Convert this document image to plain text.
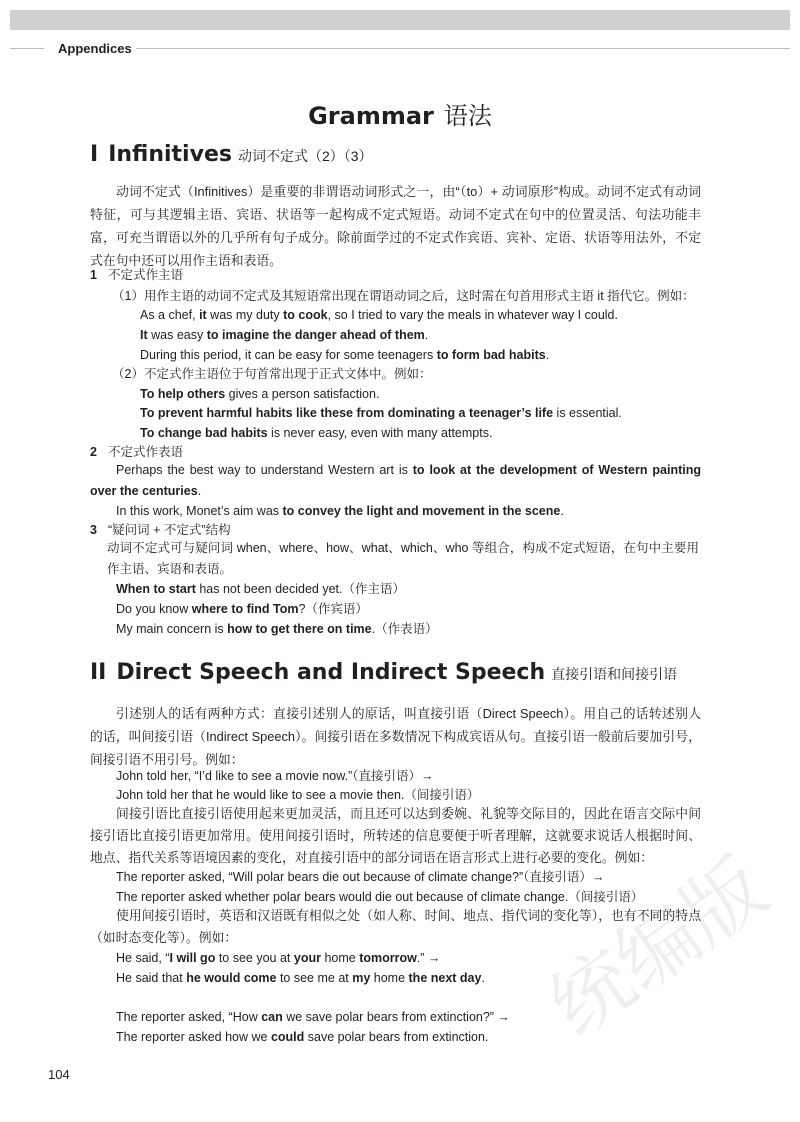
Appendices
Grammar 语法
I Infinitives 动词不定式（2）（3）

动词不定式（Infinitives）是重要的非谓语动词形式之一，由“（to）+ 动词原形”构成。动词不定式有动词特征，可与其逻辑主语、宾语、状语等一起构成不定式短语。动词不定式在句中的位置灵活、句法功能丰富，可充当谓语以外的几乎所有句子成分。除前面学过的不定式作宾语、宾补、定语、状语等用法外，不定式在句中还可以用作主语和表语。

1 不定式作主语
（1）用作主语的动词不定式及其短语常出现在谓语动词之后，这时需在句首用形式主语 it 指代它。例如：
As a chef, it was my duty to cook, so I tried to vary the meals in whatever way I could.
It was easy to imagine the danger ahead of them.
During this period, it can be easy for some teenagers to form bad habits.
（2）不定式作主语位于句首常出现于正式文体中。例如：
To help others gives a person satisfaction.
To prevent harmful habits like these from dominating a teenager’s life is essential.
To change bad habits is never easy, even with many attempts.
2 不定式作表语
Perhaps the best way to understand Western art is to look at the development of Western painting over the centuries.
In this work, Monet’s aim was to convey the light and movement in the scene.
3 “疑问词 + 不定式”结构

动词不定式可与疑问词 when、where、how、what、which、who 等组合，构成不定式短语，在句中主要用作主语、宾语和表语。

When to start has not been decided yet.（作主语）
Do you know where to find Tom?（作宾语）
My main concern is how to get there on time.（作表语）
II Direct Speech and Indirect Speech 直接引语和间接引语

引述别人的话有两种方式：直接引述别人的原话，叫直接引语（Direct Speech）。用自己的话转述别人的话，叫间接引语（Indirect Speech）。间接引语在多数情况下构成宾语从句。直接引语一般前后要加引号，间接引语不用引号。例如：

John told her, “I’d like to see a movie now.”（直接引语）→
John told her that he would like to see a movie then.（间接引语）

间接引语比直接引语使用起来更加灵活，而且还可以达到委婉、礼貌等交际目的，因此在语言交际中间接引语比直接引语更加常用。使用间接引语时，所转述的信息要便于听者理解，这就要求说话人根据时间、地点、指代关系等语境因素的变化，对直接引语中的部分词语在语言形式上进行必要的变化。例如：

The reporter asked, “Will polar bears die out because of climate change?”（直接引语）→
The reporter asked whether polar bears would die out because of climate change.（间接引语）

使用间接引语时，英语和汉语既有相似之处（如人称、时间、地点、指代词的变化等），也有不同的特点（如时态变化等）。例如：

He said, “I will go to see you at your home tomorrow.” →
He said that he would come to see me at my home the next day.
The reporter asked, “How can we save polar bears from extinction?” →
The reporter asked how we could save polar bears from extinction. 统编版
104
